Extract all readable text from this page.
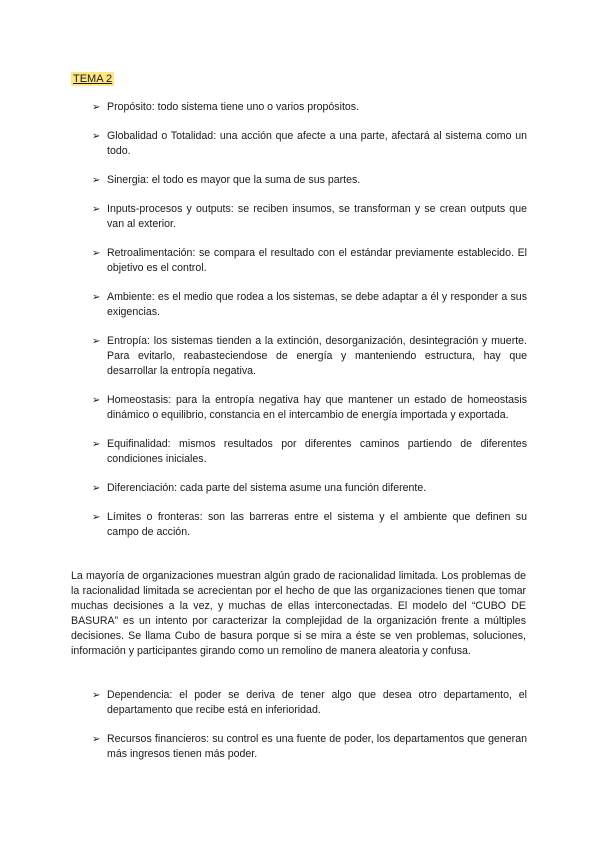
TEMA 2
➢ Propósito: todo sistema tiene uno o varios propósitos.
➢ Globalidad o Totalidad: una acción que afecte a una parte, afectará al sistema como un todo.
➢ Sinergia: el todo es mayor que la suma de sus partes.
➢ Inputs-procesos y outputs: se reciben insumos, se transforman y se crean outputs que van al exterior.
➢ Retroalimentación: se compara el resultado con el estándar previamente establecido. El objetivo es el control.
➢ Ambiente: es el medio que rodea a los sistemas, se debe adaptar a él y responder a sus exigencias.
➢ Entropía: los sistemas tienden a la extinción, desorganización, desintegración y muerte. Para evitarlo, reabasteciendose de energía y manteniendo estructura, hay que desarrollar la entropía negativa.
➢ Homeostasis: para la entropía negativa hay que mantener un estado de homeostasis dinámico o equilibrio, constancia en el intercambio de energía importada y exportada.
➢ Equifinalidad: mismos resultados por diferentes caminos partiendo de diferentes condiciones iniciales.
➢ Diferenciación: cada parte del sistema asume una función diferente.
➢ Límites o fronteras: son las barreras entre el sistema y el ambiente que definen su campo de acción.

La mayoría de organizaciones muestran algún grado de racionalidad limitada. Los problemas de la racionalidad limitada se acrecientan por el hecho de que las organizaciones tienen que tomar muchas decisiones a la vez, y muchas de ellas interconectadas. El modelo del “CUBO DE BASURA” es un intento por caracterizar la complejidad de la organización frente a múltiples decisiones. Se llama Cubo de basura porque si se mira a éste se ven problemas, soluciones, información y participantes girando como un remolino de manera aleatoria y confusa.

➢ Dependencia: el poder se deriva de tener algo que desea otro departamento, el departamento que recibe está en inferioridad.
➢ Recursos financieros: su control es una fuente de poder, los departamentos que generan más ingresos tienen más poder.
